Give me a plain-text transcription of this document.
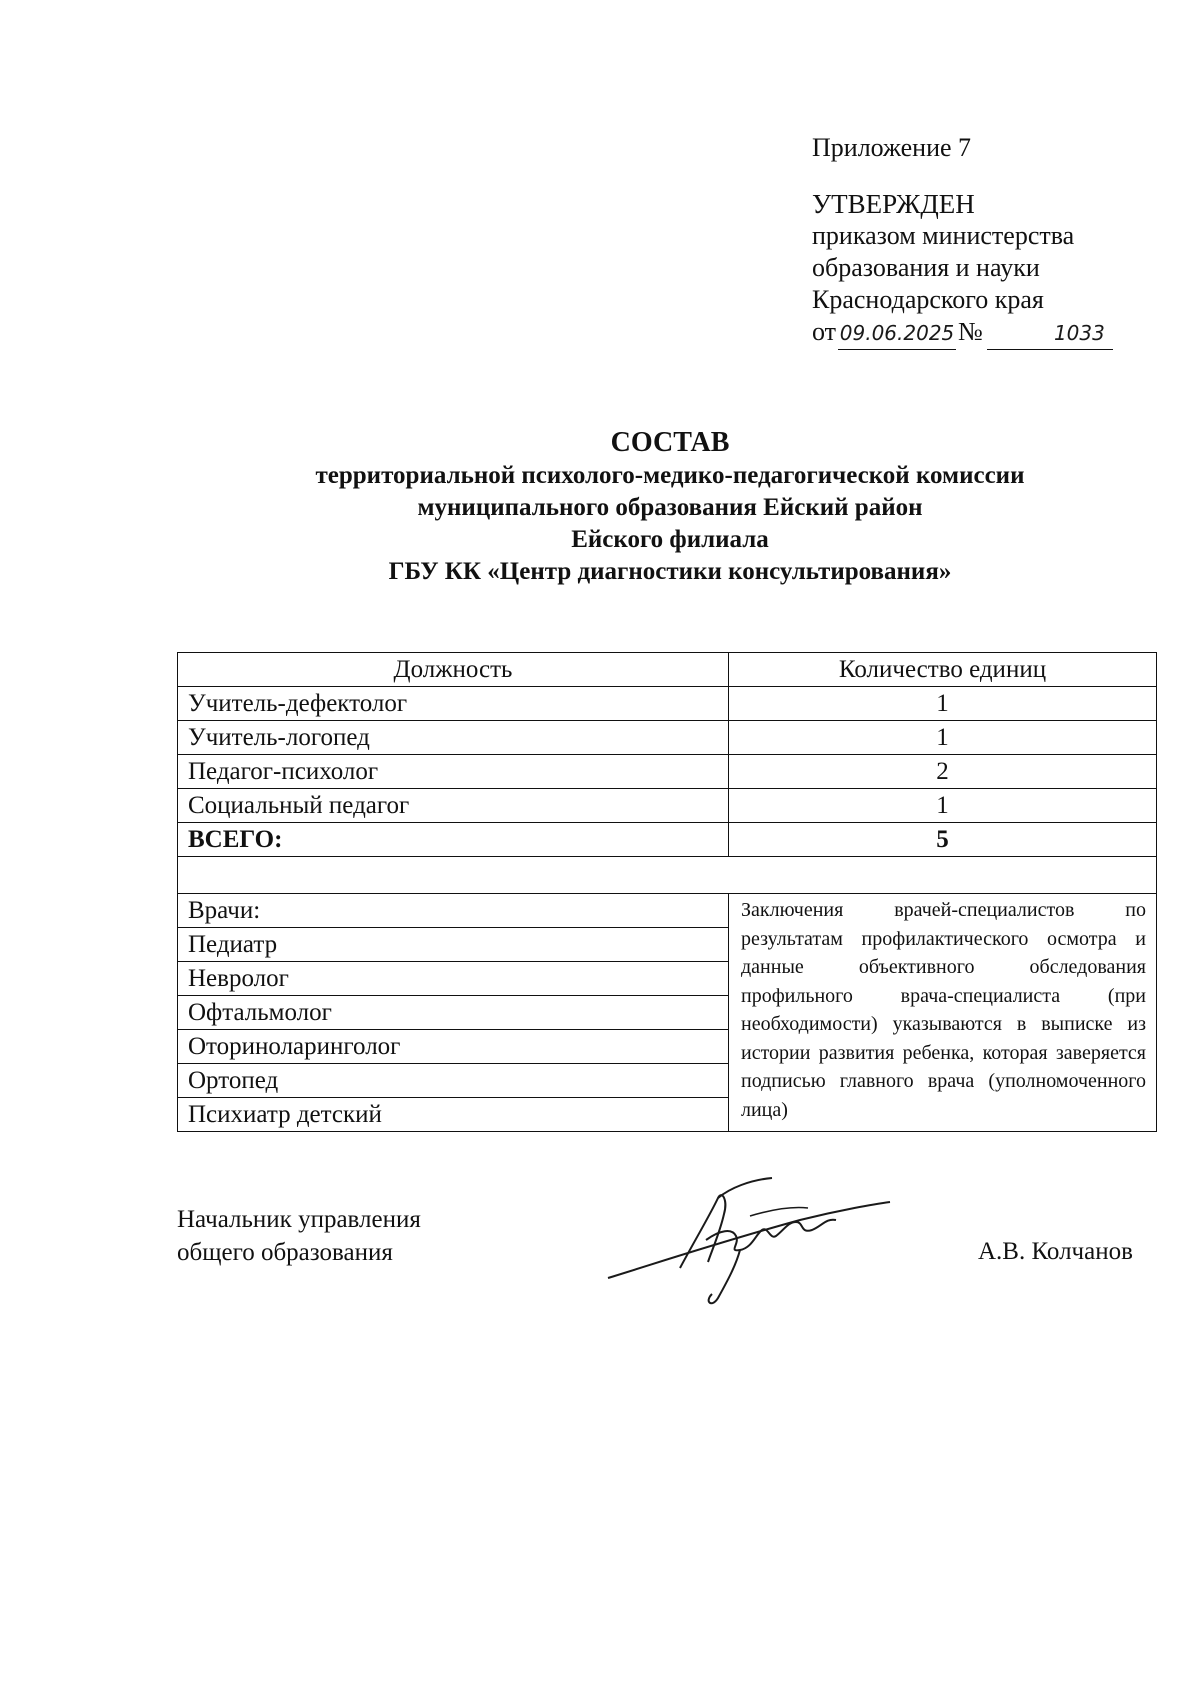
Приложение 7
УТВЕРЖДЕН
приказом министерства
образования и науки
Краснодарского края
от 09.06.2025 №	1033
СОСТАВ
территориальной психолого-медико-педагогической комиссии
муниципального образования Ейский район
Ейского филиала
ГБУ КК «Центр диагностики консультирования»
Должность	Количество единиц
Учитель-дефектолог	1
Учитель-логопед	1
Педагог-психолог	2
Социальный педагог	1
ВСЕГО:	5

Врачи:	Заключения врачей-специалистов по результатам профилактического осмотра и данные объективного обследования профильного врача-специалиста (при необходимости) указываются в выписке из истории развития ребенка, которая заверяется подписью главного врача (уполномоченного лица)
Педиатр	
Невролог	
Офтальмолог	
Оториноларинголог	
Ортопед	
Психиатр детский	
Начальник управления
общего образования	А.В. Колчанов
